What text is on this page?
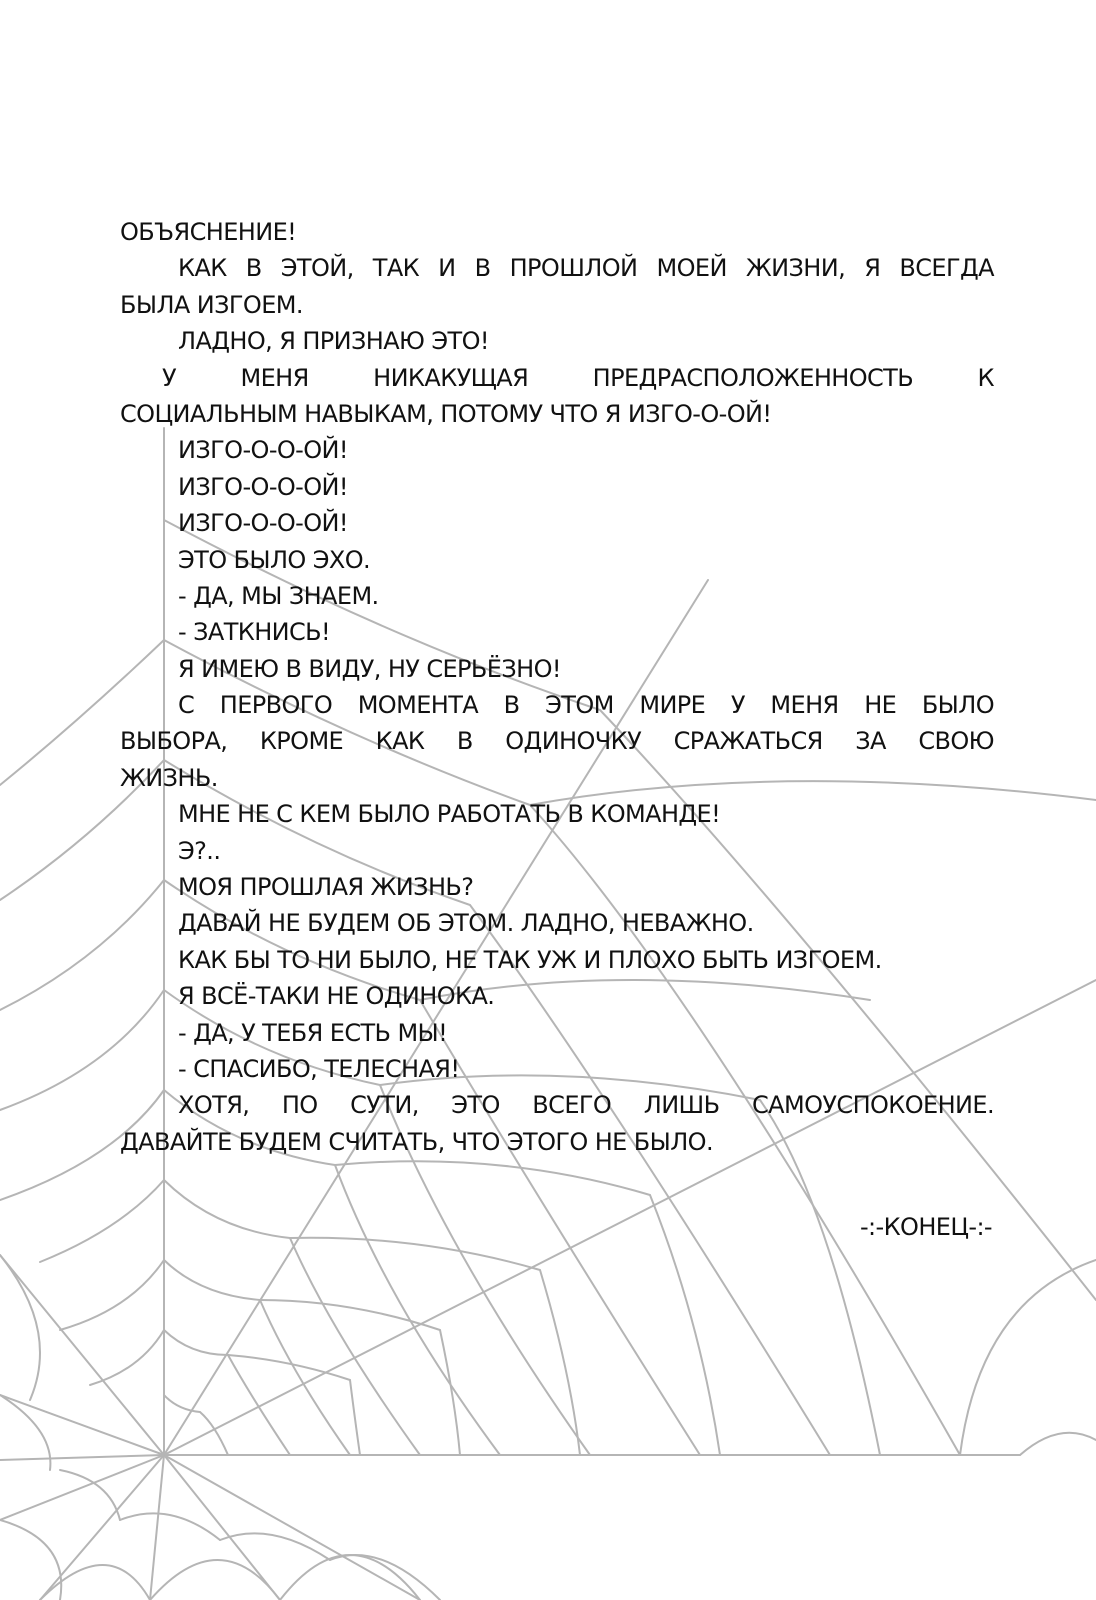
ОБЪЯСНЕНИЕ!
КАК В ЭТОЙ, ТАК И В ПРОШЛОЙ МОЕЙ ЖИЗНИ, Я ВСЕГДА
БЫЛА ИЗГОЕМ.
ЛАДНО, Я ПРИЗНАЮ ЭТО!
У МЕНЯ НИКАКУЩАЯ ПРЕДРАСПОЛОЖЕННОСТЬ К
СОЦИАЛЬНЫМ НАВЫКАМ, ПОТОМУ ЧТО Я ИЗГО-О-ОЙ!
ИЗГО-О-О-ОЙ!
ИЗГО-О-О-ОЙ!
ИЗГО-О-О-ОЙ!
ЭТО БЫЛО ЭХО.
- ДА, МЫ ЗНАЕМ.
- ЗАТКНИСЬ!
Я ИМЕЮ В ВИДУ, НУ СЕРЬЁЗНО!
С ПЕРВОГО МОМЕНТА В ЭТОМ МИРЕ У МЕНЯ НЕ БЫЛО
ВЫБОРА, КРОМЕ КАК В ОДИНОЧКУ СРАЖАТЬСЯ ЗА СВОЮ
ЖИЗНЬ.
МНЕ НЕ С КЕМ БЫЛО РАБОТАТЬ В КОМАНДЕ!
Э?..
МОЯ ПРОШЛАЯ ЖИЗНЬ?
ДАВАЙ НЕ БУДЕМ ОБ ЭТОМ. ЛАДНО, НЕВАЖНО.
КАК БЫ ТО НИ БЫЛО, НЕ ТАК УЖ И ПЛОХО БЫТЬ ИЗГОЕМ.
Я ВСЁ-ТАКИ НЕ ОДИНОКА.
- ДА, У ТЕБЯ ЕСТЬ МЫ!
- СПАСИБО, ТЕЛЕСНАЯ!
ХОТЯ, ПО СУТИ, ЭТО ВСЕГО ЛИШЬ САМОУСПОКОЕНИЕ.
ДАВАЙТЕ БУДЕМ СЧИТАТЬ, ЧТО ЭТОГО НЕ БЫЛО.
-:-КОНЕЦ-:-
